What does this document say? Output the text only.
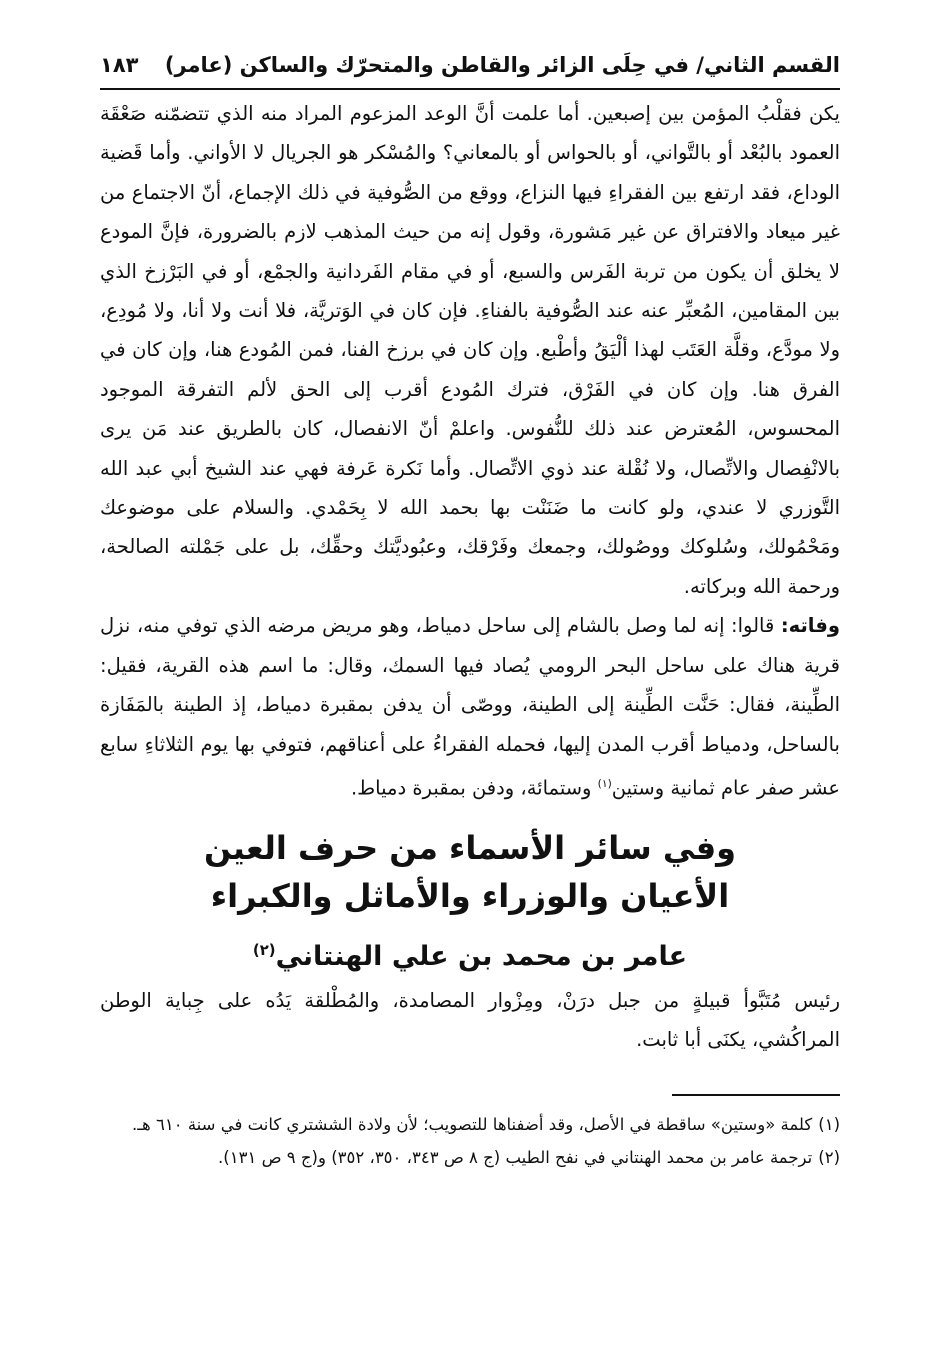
القسم الثاني/ في حِلَى الزائر والقاطن والمتحرّك والساكن (عامر)
١٨٣

يكن فقلْبُ المؤمن بين إصبعين. أما علمت أنَّ الوعد المزعوم المراد منه الذي تتضمّنه صَعْقَة العمود بالبُعْد أو بالتَّواني، أو بالحواس أو بالمعاني؟ والمُسْكر هو الجريال لا الأواني. وأما قَضية الوداع، فقد ارتفع بين الفقراءِ فيها النزاع، ووقع من الصُّوفية في ذلك الإجماع، أنّ الاجتماع من غير ميعاد والافتراق عن غير مَشورة، وقول إنه من حيث المذهب لازم بالضرورة، فإنَّ المودع لا يخلق أن يكون من تربة الفَرس والسبع، أو في مقام الفَردانية والجمْع، أو في البَرْزخ الذي بين المقامين، المُعبِّر عنه عند الصُّوفية بالفناءِ. فإن كان في الوَتريَّة، فلا أنت ولا أنا، ولا مُودِع، ولا مودَّع، وقلَّة العَتَب لهذا ألْيَقُ وأطْبع. وإن كان في برزخ الفنا، فمن المُودع هنا، وإن كان في الفرق هنا. وإن كان في الفَرْق، فترك المُودع أقرب إلى الحق لألم التفرقة الموجود المحسوس، المُعترض عند ذلك للنُّفوس. واعلمْ أنّ الانفصال، كان بالطريق عند مَن يرى بالانْفِصال والاتِّصال، ولا نُقْلة عند ذوي الاتِّصال. وأما نَكرة عَرفة فهي عند الشيخ أبي عبد الله التَّوزري لا عندي، ولو كانت ما ضَنَنْت بها بحمد الله لا بِحَمْدي. والسلام على موضوعك ومَحْمُولك، وسُلوكك ووصُولك، وجمعك وفَرْقك، وعبُوديَّتك وحقِّك، بل على جَمْلته الصالحة، ورحمة الله وبركاته.

وفاته: قالوا: إنه لما وصل بالشام إلى ساحل دمياط، وهو مريض مرضه الذي توفي منه، نزل قرية هناك على ساحل البحر الرومي يُصاد فيها السمك، وقال: ما اسم هذه القرية، فقيل: الطِّينة، فقال: حَنَّت الطِّينة إلى الطينة، ووصّى أن يدفن بمقبرة دمياط، إذ الطينة بالمَفَازة بالساحل، ودمياط أقرب المدن إليها، فحمله الفقراءُ على أعناقهم، فتوفي بها يوم الثلاثاءِ سابع عشر صفر عام ثمانية وستين$^{(١)}$ وستمائة، ودفن بمقبرة دمياط.

وفي سائر الأسماء من حرف العين
الأعيان والوزراء والأماثل والكبراء
عامر بن محمد بن علي الهنتاني$^{(٢)}$
رئيس مُتَبَّوأ قبيلةٍ من جبل درَنْ، ومِزْوار المصامدة، والمُطْلقة يَدُه على جِباية الوطن المراكُشي، يكنَى أبا ثابت.
(١)كلمة «وستين» ساقطة في الأصل، وقد أضفناها للتصويب؛ لأن ولادة الششتري كانت في سنة ٦١٠ هـ.
(٢)ترجمة عامر بن محمد الهنتاني في نفح الطيب (ج ٨ ص ٣٤٣، ٣٥٠، ٣٥٢) و(ج ٩ ص ١٣١).
